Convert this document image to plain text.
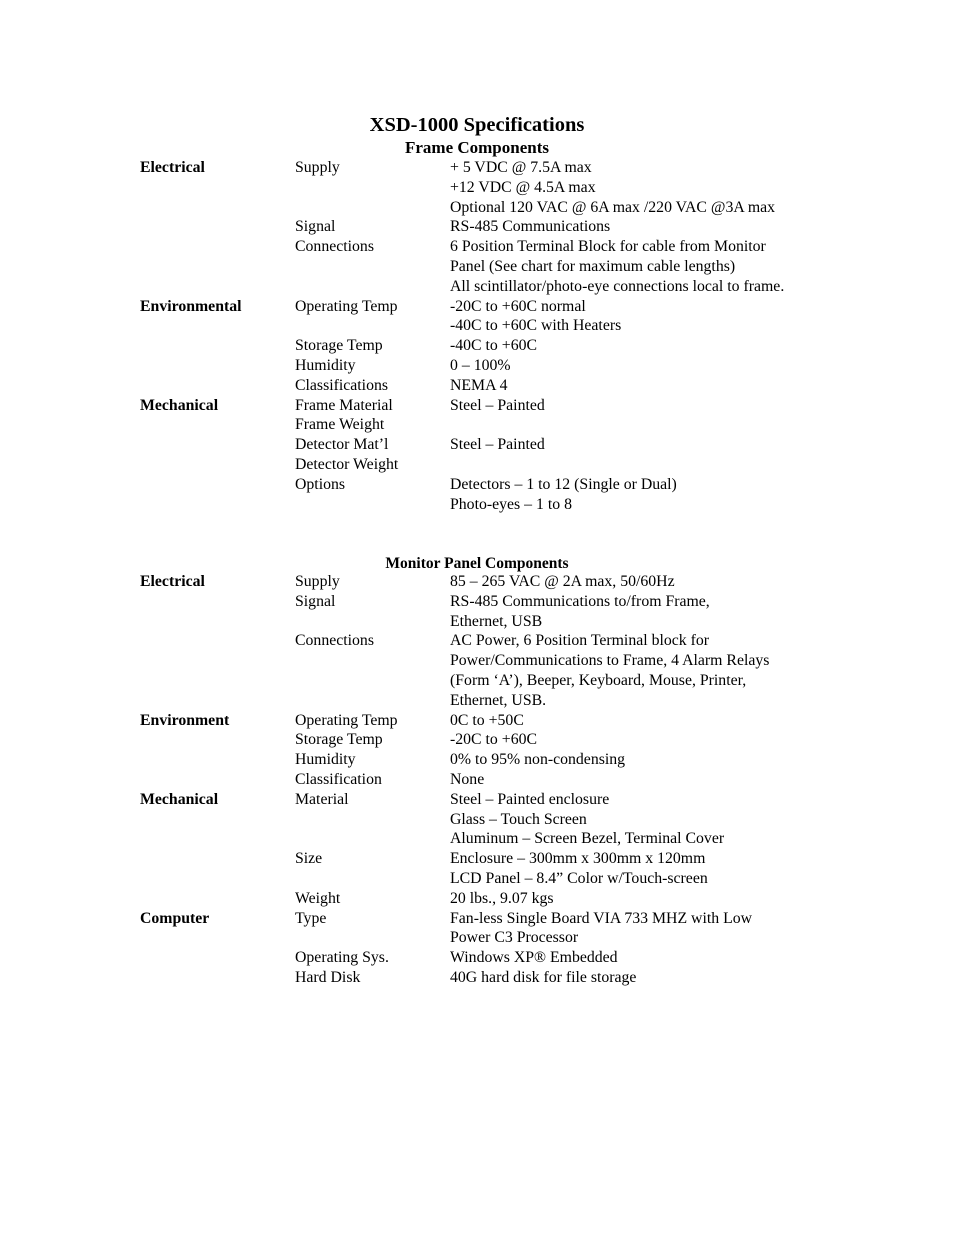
XSD-1000 Specifications
Frame Components
Electrical	Supply	+ 5 VDC @ 7.5A max
+12 VDC @ 4.5A max
Optional 120 VAC @ 6A max /220 VAC @3A max
Signal	RS-485 Communications
Connections	6 Position Terminal Block for cable from Monitor
Panel (See chart for maximum cable lengths)
All scintillator/photo-eye connections local to frame.
Environmental	Operating Temp	-20C to +60C normal
-40C to +60C with Heaters
Storage Temp	-40C to +60C
Humidity	0 – 100%
Classifications	NEMA 4
Mechanical	Frame Material	Steel – Painted
Frame Weight
Detector Mat’l	Steel – Painted
Detector Weight
Options	Detectors – 1 to 12 (Single or Dual)
Photo-eyes – 1 to 8
Monitor Panel Components
Electrical	Supply	85 – 265 VAC @ 2A max, 50/60Hz
Signal	RS-485 Communications to/from Frame,
Ethernet, USB
Connections	AC Power, 6 Position Terminal block for
Power/Communications to Frame, 4 Alarm Relays
(Form ‘A’), Beeper, Keyboard, Mouse, Printer,
Ethernet, USB.
Environment	Operating Temp	0C to +50C
Storage Temp	-20C to +60C
Humidity	0% to 95% non-condensing
Classification	None
Mechanical	Material	Steel – Painted enclosure
Glass – Touch Screen
Aluminum – Screen Bezel, Terminal Cover
Size	Enclosure – 300mm x 300mm x 120mm
LCD Panel – 8.4” Color w/Touch-screen
Weight	20 lbs., 9.07 kgs
Computer	Type	Fan-less Single Board VIA 733 MHZ with Low
Power C3 Processor
Operating Sys.	Windows XP® Embedded
Hard Disk	40G hard disk for file storage
